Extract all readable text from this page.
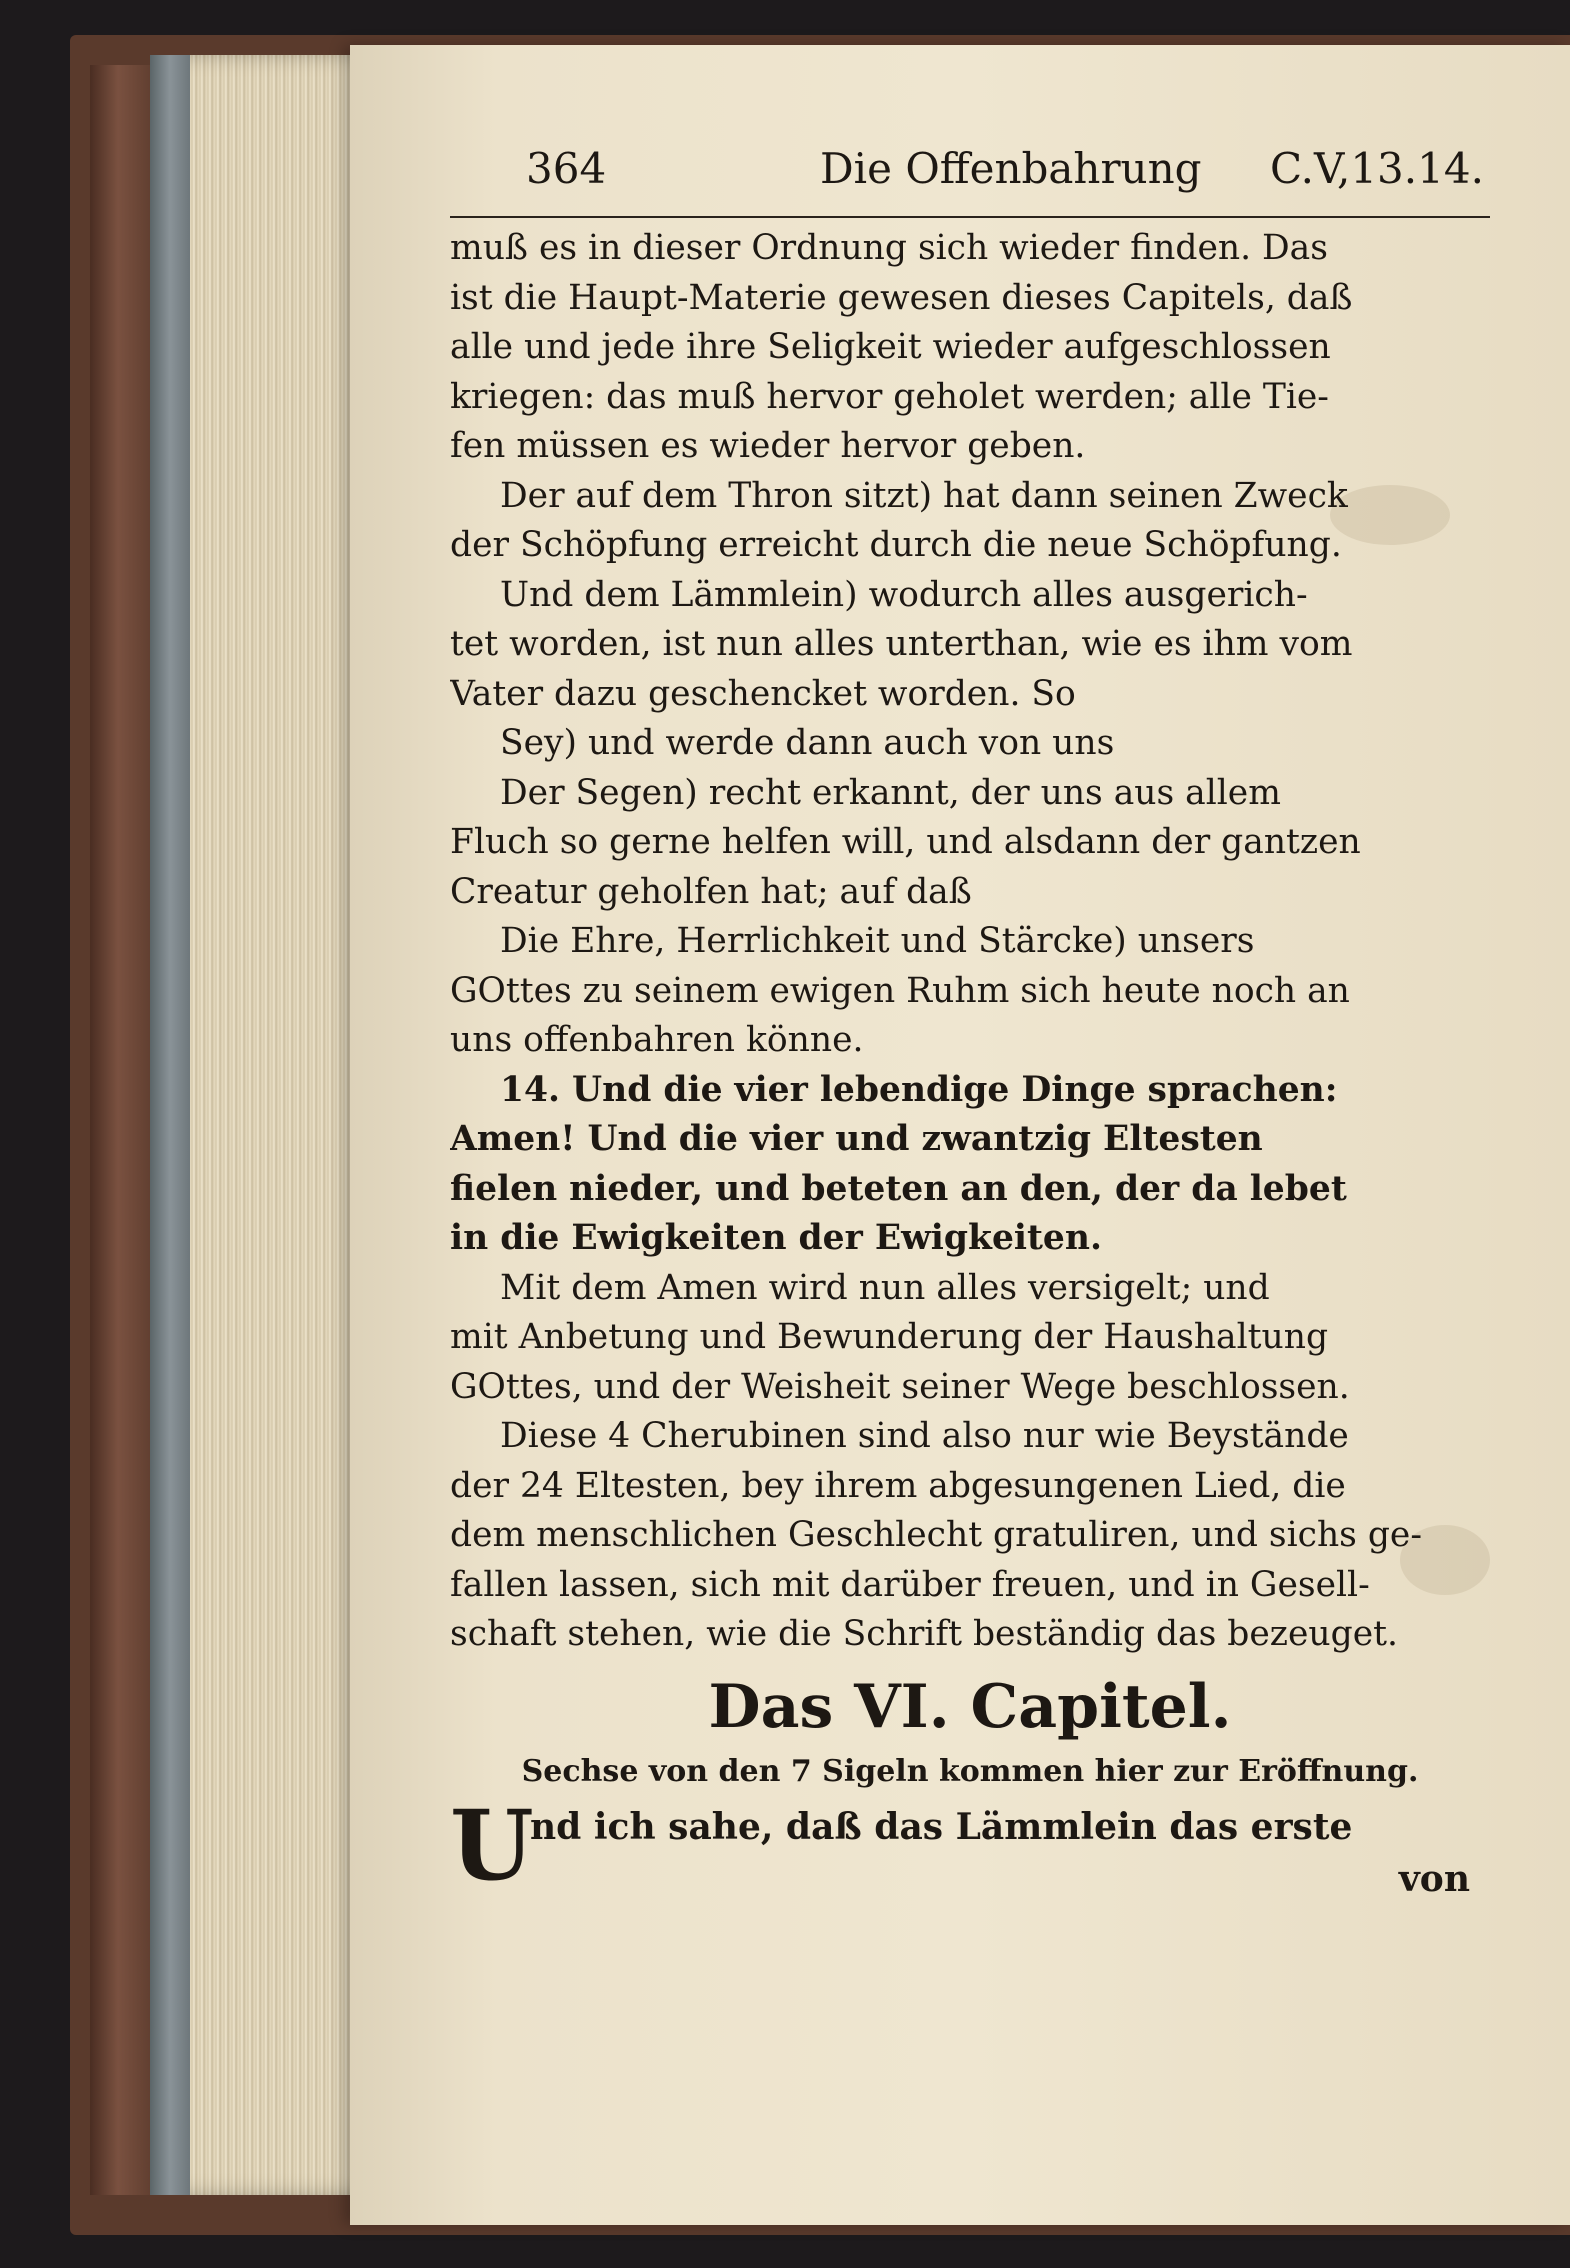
364	Die Offenbahrung C.V,13.14.
muß es in dieser Ordnung sich wieder finden. Das
ist die Haupt-Materie gewesen dieses Capitels, daß
alle und jede ihre Seligkeit wieder aufgeschlossen
kriegen: das muß hervor geholet werden; alle Tie-
fen müssen es wieder hervor geben.
Der auf dem Thron sitzt) hat dann seinen Zweck
der Schöpfung erreicht durch die neue Schöpfung.
Und dem Lämmlein) wodurch alles ausgerich-
tet worden, ist nun alles unterthan, wie es ihm vom
Vater dazu geschencket worden. So
Sey) und werde dann auch von uns
Der Segen) recht erkannt, der uns aus allem
Fluch so gerne helfen will, und alsdann der gantzen
Creatur geholfen hat; auf daß
Die Ehre, Herrlichkeit und Stärcke) unsers
GOttes zu seinem ewigen Ruhm sich heute noch an
uns offenbahren könne.
14. Und die vier lebendige Dinge sprachen:
Amen! Und die vier und zwantzig Eltesten
fielen nieder, und beteten an den, der da lebet
in die Ewigkeiten der Ewigkeiten.
Mit dem Amen wird nun alles versigelt; und
mit Anbetung und Bewunderung der Haushaltung
GOttes, und der Weisheit seiner Wege beschlossen.
Diese 4 Cherubinen sind also nur wie Beystände
der 24 Eltesten, bey ihrem abgesungenen Lied, die
dem menschlichen Geschlecht gratuliren, und sichs ge-
fallen lassen, sich mit darüber freuen, und in Gesell-
schaft stehen, wie die Schrift beständig das bezeuget.
Das VI. Capitel.
Sechse von den 7 Sigeln kommen hier zur Eröffnung.
U
nd ich sahe, daß das Lämmlein das erste
von
